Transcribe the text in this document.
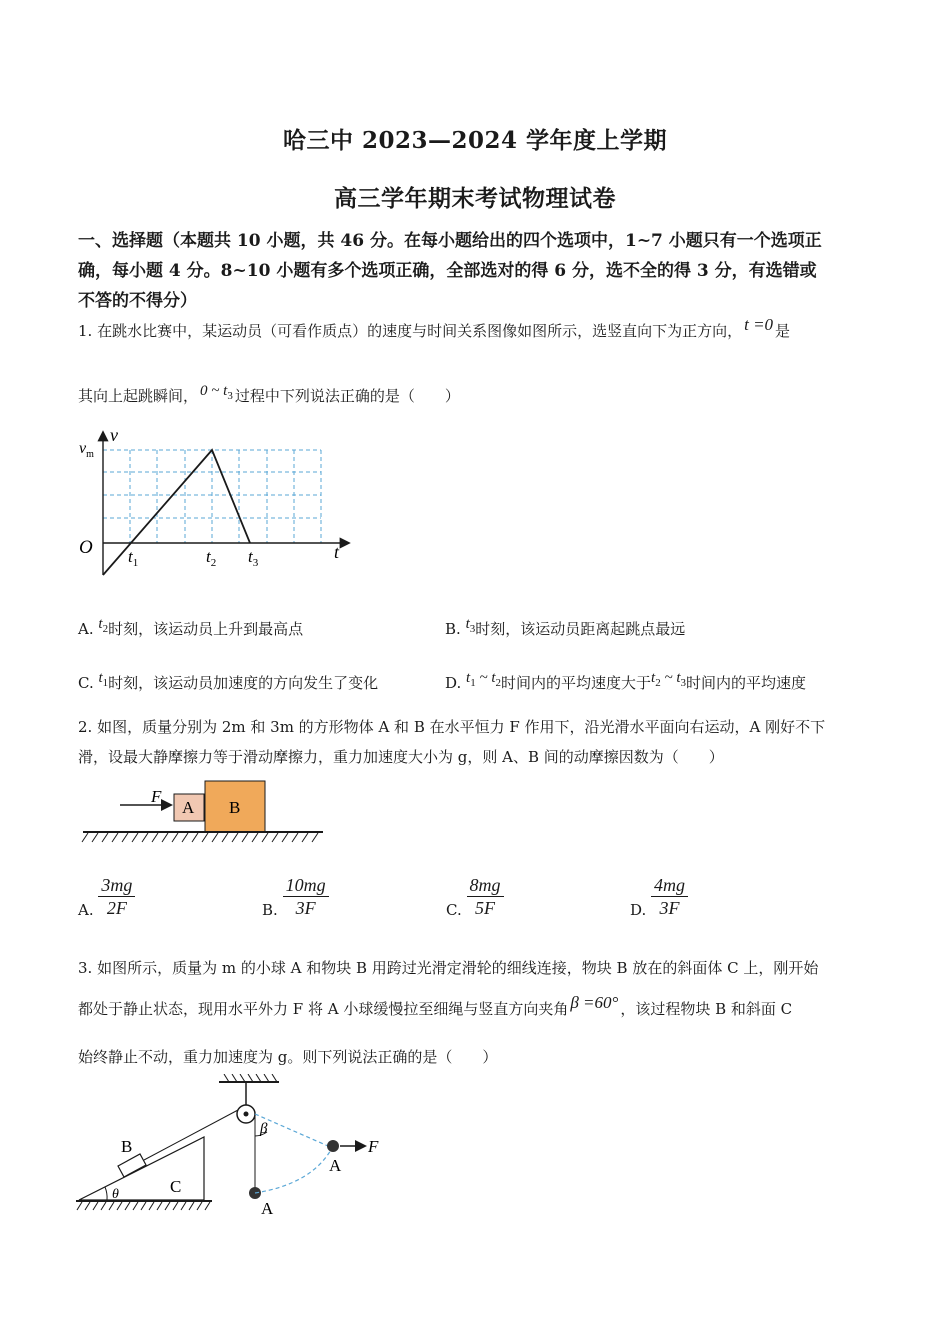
哈三中 2023—2024 学年度上学期
高三学年期末考试物理试卷
一、选择题（本题共 10 小题，共 46 分。在每小题给出的四个选项中，1~7 小题只有一个选项正
确，每小题 4 分。8~10 小题有多个选项正确，全部选对的得 6 分，选不全的得 3 分，有选错或
不答的不得分）
1. 在跳水比赛中，某运动员（可看作质点）的速度与时间关系图像如图所示，选竖直向下为正方向， t =0 是
其向上起跳瞬间， 0 ~ $t_3$ 过程中下列说法正确的是（　　）
v
$v_m$
O	t
$t_1$	$t_2$ $t_3$
A. $t_2$时刻，该运动员上升到最高点	B. $t_3$时刻，该运动员距离起跳点最远
C. $t_1$时刻，该运动员加速度的方向发生了变化	D. $t_1$ ~ $t_2$时间内的平均速度大于$t_2$ ~ $t_3$时间内的平均速度
2. 如图，质量分别为 2m 和 3m 的方形物体 A 和 B 在水平恒力 F 作用下，沿光滑水平面向右运动，A 刚好不下
滑，设最大静摩擦力等于滑动摩擦力，重力加速度大小为 g，则 A、B 间的动摩擦因数为（　　）
F
A B
A. $\frac{3mg}{2F}$	B. $\frac{10mg}{3F}$	C. $\frac{8mg}{5F}$	D. $\frac{4mg}{3F}$
3. 如图所示，质量为 m 的小球 A 和物块 B 用跨过光滑定滑轮的细线连接，物块 B 放在的斜面体 C 上，刚开始
都处于静止状态，现用水平外力 F 将 A 小球缓慢拉至细绳与竖直方向夹角 β =60° ，该过程物块 B 和斜面 C
始终静止不动，重力加速度为 g。则下列说法正确的是（　　）
B
C
θ
A
β
A
F
